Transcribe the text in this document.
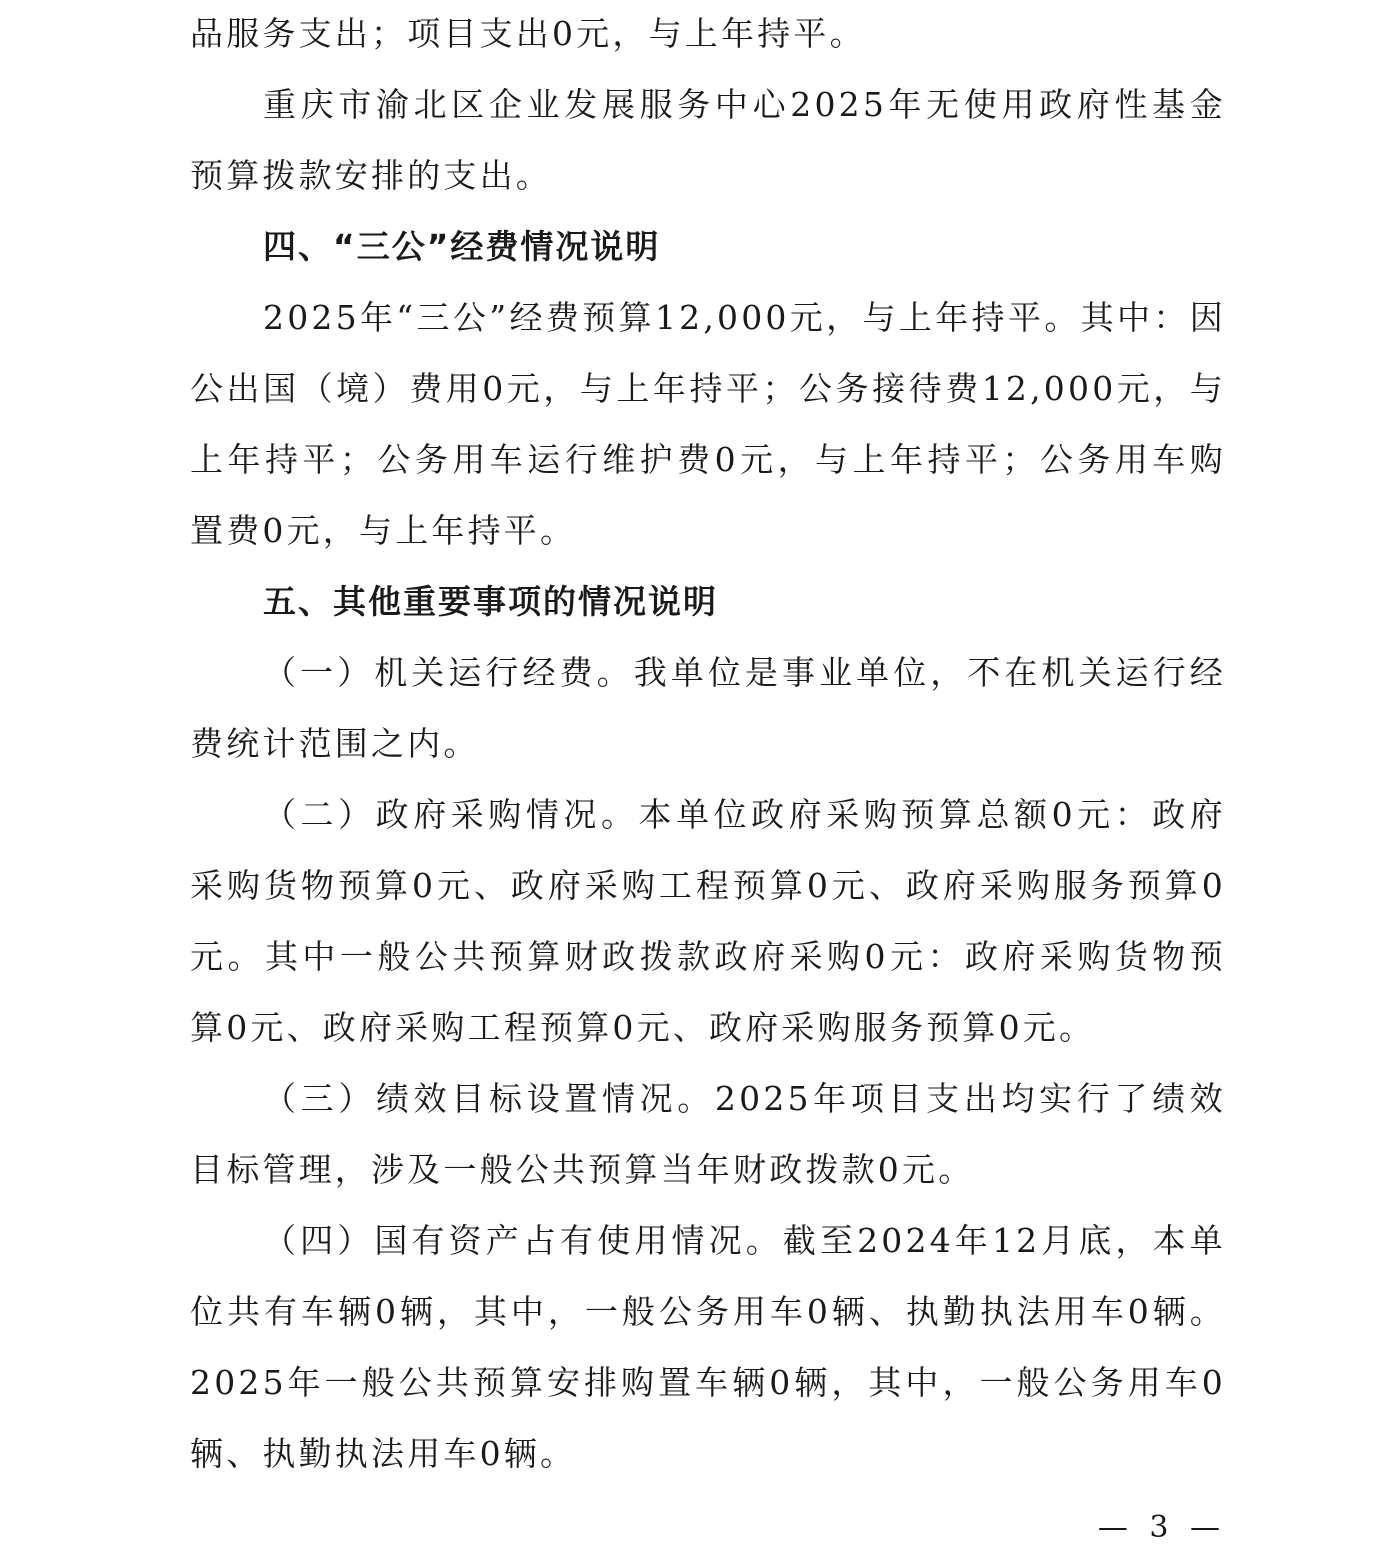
品服务支出；项目支出0元，与上年持平。

重庆市渝北区企业发展服务中心2025年无使用政府性基金预算拨款安排的支出。

四、“三公”经费情况说明

2025年“三公”经费预算12,000元，与上年持平。其中：因公出国（境）费用0元，与上年持平；公务接待费12,000元，与上年持平；公务用车运行维护费0元，与上年持平；公务用车购置费0元，与上年持平。

五、其他重要事项的情况说明

（一）机关运行经费。我单位是事业单位，不在机关运行经费统计范围之内。

（二）政府采购情况。本单位政府采购预算总额0元：政府采购货物预算0元、政府采购工程预算0元、政府采购服务预算0元。其中一般公共预算财政拨款政府采购0元：政府采购货物预算0元、政府采购工程预算0元、政府采购服务预算0元。

（三）绩效目标设置情况。2025年项目支出均实行了绩效目标管理，涉及一般公共预算当年财政拨款0元。

（四）国有资产占有使用情况。截至2024年12月底，本单位共有车辆0辆，其中，一般公务用车0辆、执勤执法用车0辆。2025年一般公共预算安排购置车辆0辆，其中，一般公务用车0辆、执勤执法用车0辆。

— 3 —
